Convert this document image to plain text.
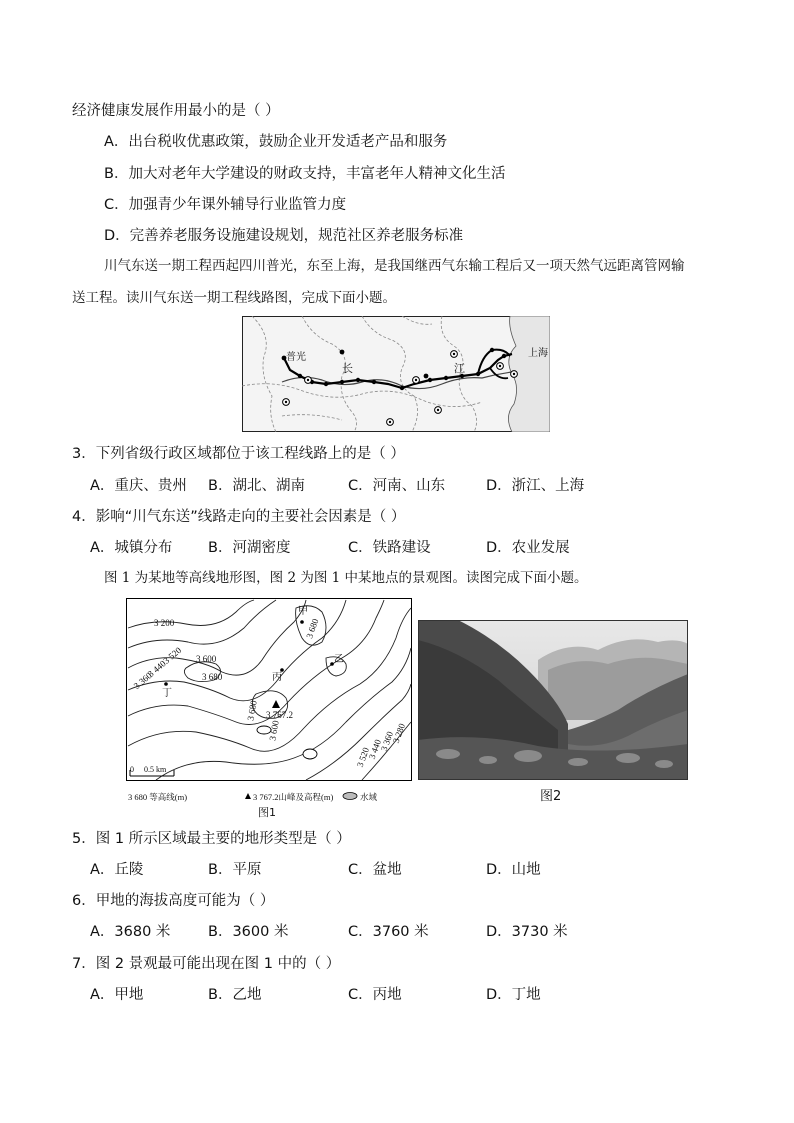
经济健康发展作用最小的是（ ）
A．出台税收优惠政策，鼓励企业开发适老产品和服务
B．加大对老年大学建设的财政支持，丰富老年人精神文化生活
C．加强青少年课外辅导行业监管力度
D．完善养老服务设施建设规划，规范社区养老服务标准
川气东送一期工程西起四川普光，东至上海，是我国继西气东输工程后又一项天然气远距离管网输
送工程。读川气东送一期工程线路图，完成下面小题。
普光
长	江
上海
3．下列省级行政区域都位于该工程线路上的是（ ）
A．重庆、贵州 B．湖北、湖南	C．河南、山东	D．浙江、上海
4．影响“川气东送”线路走向的主要社会因素是（ ）
A．城镇分布 B．河湖密度	C．铁路建设	D．农业发展
图 1 为某地等高线地形图，图 2 为图 1 中某地点的景观图。读图完成下面小题。
3 200	3 680
3 360
3 440
3 520 3 600
3 680
3 680
3 600
3 520
3 440
3 360
3 280
3 767.2
甲
乙
丙
丁
0 0.5 km
3 680 等高线(m)	3 767.2山峰及高程(m)	水域
图1
图2
5．图 1 所示区域最主要的地形类型是（ ）
A．丘陵	B．平原	C．盆地	D．山地
6．甲地的海拔高度可能为（ ）
A．3680 米	B．3600 米	C．3760 米	D．3730 米
7．图 2 景观最可能出现在图 1 中的（ ）
A．甲地	B．乙地	C．丙地	D．丁地
